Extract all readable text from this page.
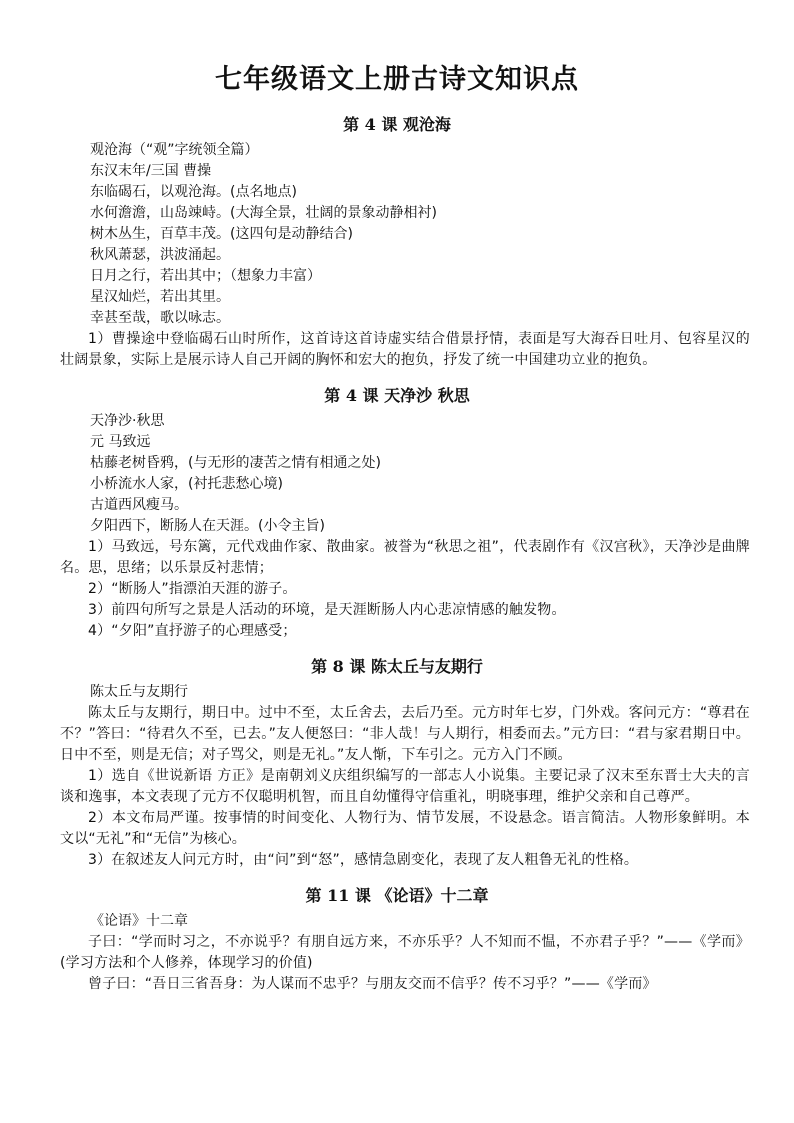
七年级语文上册古诗文知识点
第 4 课 观沧海
观沧海（“观”字统领全篇）
东汉末年/三国 曹操
东临碣石，以观沧海。(点名地点)
水何澹澹，山岛竦峙。(大海全景，壮阔的景象动静相衬)
树木丛生，百草丰茂。(这四句是动静结合)
秋风萧瑟，洪波涌起。
日月之行，若出其中；（想象力丰富）
星汉灿烂，若出其里。
幸甚至哉，歌以咏志。
1）曹操途中登临碣石山时所作，这首诗这首诗虚实结合借景抒情，表面是写大海吞日吐月、包容星汉的壮阔景象，实际上是展示诗人自己开阔的胸怀和宏大的抱负，抒发了统一中国建功立业的抱负。
第 4 课 天净沙 秋思
天净沙·秋思
元 马致远
枯藤老树昏鸦，(与无形的凄苦之情有相通之处)
小桥流水人家，(衬托悲愁心境)
古道西风瘦马。
夕阳西下，断肠人在天涯。(小令主旨)
1）马致远，号东篱，元代戏曲作家、散曲家。被誉为“秋思之祖”，代表剧作有《汉宫秋》，天净沙是曲牌名。思，思绪；以乐景反衬悲情；
2）“断肠人”指漂泊天涯的游子。
3）前四句所写之景是人活动的环境，是天涯断肠人内心悲凉情感的触发物。
4）“夕阳”直抒游子的心理感受；
第 8 课 陈太丘与友期行
陈太丘与友期行
陈太丘与友期行，期日中。过中不至，太丘舍去，去后乃至。元方时年七岁，门外戏。客问元方：“尊君在不？”答曰：“待君久不至，已去。”友人便怒曰：“非人哉！与人期行，相委而去。”元方曰：“君与家君期日中。日中不至，则是无信；对子骂父，则是无礼。”友人惭，下车引之。元方入门不顾。
1）选自《世说新语 方正》是南朝刘义庆组织编写的一部志人小说集。主要记录了汉末至东晋士大夫的言谈和逸事，本文表现了元方不仅聪明机智，而且自幼懂得守信重礼，明晓事理，维护父亲和自己尊严。
2）本文布局严谨。按事情的时间变化、人物行为、情节发展，不设悬念。语言简洁。人物形象鲜明。本文以“无礼”和“无信”为核心。
3）在叙述友人问元方时，由“问”到“怒”，感情急剧变化，表现了友人粗鲁无礼的性格。
第 11 课 《论语》十二章
《论语》十二章
子曰：“学而时习之，不亦说乎？有朋自远方来，不亦乐乎？人不知而不愠，不亦君子乎？”——《学而》(学习方法和个人修养，体现学习的价值)
曾子曰：“吾日三省吾身：为人谋而不忠乎？与朋友交而不信乎？传不习乎？”——《学而》
